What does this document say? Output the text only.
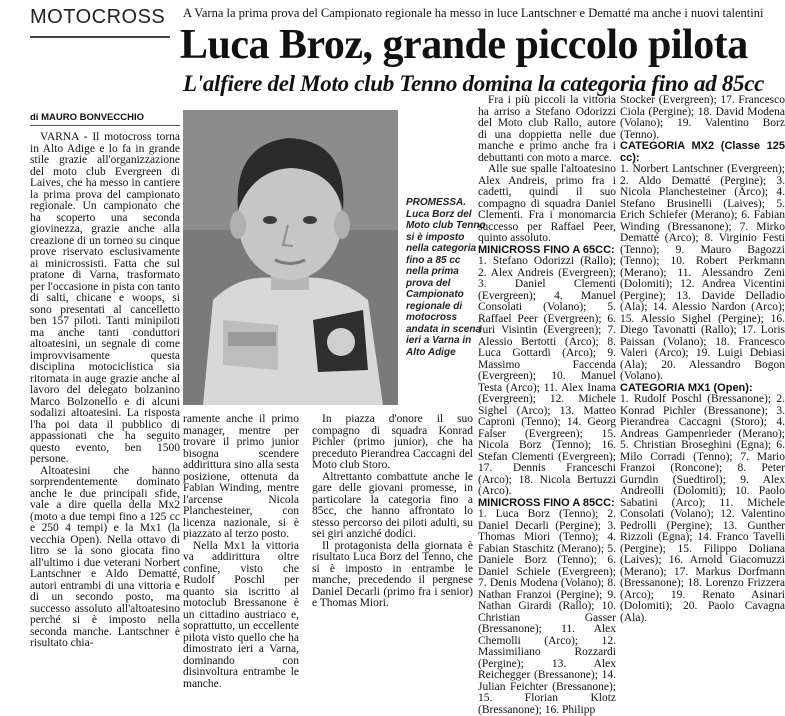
MOTOCROSS	A Varna la prima prova del Campionato regionale ha messo in luce Lantschner e Dematté ma anche i nuovi talentini
Luca Broz, grande piccolo pilota
L'alfiere del Moto club Tenno domina la categoria fino ad 85cc
di MAURO BONVECCHIO

VARNA - Il motocross torna in Alto Adige e lo fa in grande stile grazie all'organizzazione del moto club Evergreen di Laives, che ha messo in cantiere la prima prova del campionato regionale. Un campionato che ha scoperto una seconda giovinezza, grazie anche alla creazione di un torneo su cinque prove riservato esclusivamente ai minicrossisti. Fatta che sul pratone di Varna, trasformato per l'occasione in pista con tanto di salti, chicane e woops, si sono presentati al cancelletto ben 157 piloti. Tanti minipiloti ma anche tanti conduttori altoatesini, un segnale di come improvvisamente questa disciplina motociclistica sia ritornata in auge grazie anche al lavoro del delegato bolzanino Marco Bolzonello e di alcuni sodalizi altoatesini. La risposta l'ha poi data il pubblico di appassionati che ha seguito questo evento, ben 1500 persone.

Altoatesini che hanno sorprendentemente dominato anche le due principali sfide, vale a dire quella della Mx2 (moto a due tempi fino a 125 cc e 250 4 tempi) e la Mx1 (la vecchia Open). Nella ottavo di litro se la sono giocata fino all'ultimo i due veterani Norbert Lantschner e Aldo Dematté, autori entrambi di una vittoria e di un secondo posto, ma successo assoluto all'altoatesino perché si è imposto nella seconda manche. Lantschner è risultato chia-

PROMESSA. Luca Borz del Moto club Tenno si è imposto nella categoria fino a 85 cc nella prima prova del Campionato regionale di motocross andata in scena ieri a Varna in Alto Adige

ramente anche il primo manager, mentre per trovare il primo junior bisogna scendere addirittura sino alla sesta posizione, ottenuta da Fabian Winding, mentre l'arcense Nicola Planchesteiner, con licenza nazionale, si è piazzato al terzo posto.

Nella Mx1 la vittoria va addirittura oltre confine, visto che Rudolf Poschl per quanto sia iscritto al motoclub Bressanone è un cittadino austriaco e, soprattutto, un eccellente pilota visto quello che ha dimostrato ieri a Varna, dominando con disinvoltura entrambe le manche.

In piazza d'onore il suo compagno di squadra Konrad Pichler (primo junior), che ha preceduto Pierandrea Caccagni del Moto club Storo.

Altrettanto combattute anche le gare delle giovani promesse, in particolare la categoria fino a 85cc, che hanno affrontato lo stesso percorso dei piloti adulti, su sei giri anziché dodici.

Il protagonista della giornata è risultato Luca Borz del Tenno, che si è imposto in entrambe le manche, precedendo il pergnese Daniel Decarli (primo fra i senior) e Thomas Miori.

Fra i più piccoli la vittoria ha arriso a Stefano Odorizzi del Moto club Rallo, autore di una doppietta nelle due manche e primo anche fra i debuttanti con moto a marce.

Alle sue spalle l'altoatesino Alex Andreis, primo fra i cadetti, quindi il suo compagno di squadra Daniel Clementi. Fra i monomarcia successo per Raffael Peer, quinto assoluto.

MINICROSS FINO A 65CC:

1. Stefano Odorizzi (Rallo); 2. Alex Andreis (Evergreen); 3. Daniel Clementi (Evergreen); 4. Manuel Consolati (Volano); 5. Raffael Peer (Evergreen); 6. Juri Visintin (Evergreen); 7. Alessio Bertotti (Arco); 8. Luca Gottardi (Arco); 9. Massimo Faccenda (Evergreen); 10. Manuel Testa (Arco); 11. Alex Inama (Evergreen); 12. Michele Sighel (Arco); 13. Matteo Caproni (Tenno); 14. Georg Falser (Evergreen); 15. Nicola Borz (Tenno); 16. Stefan Clementi (Evergreen); 17. Dennis Franceschi (Arco); 18. Nicola Bertuzzi (Arco).

MINICROSS FINO A 85CC:

1. Luca Borz (Tenno); 2. Daniel Decarli (Pergine); 3. Thomas Miori (Tenno); 4. Fabian Staschitz (Merano); 5. Daniele Borz (Tenno); 6. Daniel Schiele (Evergreen); 7. Denis Modena (Volano); 8. Nathan Franzoi (Pergine); 9. Nathan Girardi (Rallo); 10. Christian Gasser (Bressanone); 11. Alex Chemolli (Arco); 12. Massimiliano Rozzardi (Pergine); 13. Alex Reichegger (Bressanone); 14. Julian Feichter (Bressanone); 15. Florian Klotz (Bressanone); 16. Philipp

Stocker (Evergreen); 17. Francesco Ciola (Pergine); 18. David Modena (Volano); 19. Valentino Borz (Tenno).

CATEGORIA MX2 (Classe 125 cc):

1. Norbert Lantschner (Evergreen); 2. Aldo Dematté (Pergine); 3. Nicola Planchesteiner (Arco); 4. Stefano Brusinelli (Laives); 5. Erich Schiefer (Merano); 6. Fabian Winding (Bressanone); 7. Mirko Dematté (Arco); 8. Virginio Festi (Tenno); 9. Mauro Bagozzi (Tenno); 10. Robert Perkmann (Merano); 11. Alessandro Zeni (Dolomiti); 12. Andrea Vicentini (Pergine); 13. Davide Delladio (Ala); 14. Alessio Nardon (Arco); 15. Alessio Sighel (Pergine); 16. Diego Tavonatti (Rallo); 17. Loris Paissan (Volano); 18. Francesco Valeri (Arco); 19. Luigi Debiasi (Ala); 20. Alessandro Bogon (Volano).

CATEGORIA MX1 (Open):

1. Rudolf Poschl (Bressanone); 2. Konrad Pichler (Bressanone); 3. Pierandrea Caccagni (Storo); 4. Andreas Gampenrieder (Merano); 5. Christian Broseghini (Egna); 6. Milo Corradi (Tenno); 7. Mario Franzoi (Roncone); 8. Peter Gurndin (Suedtirol); 9. Alex Andreolli (Dolomiti); 10. Paolo Sabatini (Arco); 11. Michele Consolati (Volano); 12. Valentino Pedrolli (Pergine); 13. Gunther Rizzoli (Egna); 14. Franco Tavelli (Pergine); 15. Filippo Doliana (Laives); 16. Arnold Giacomuzzi (Merano); 17. Markus Dorfmann (Bressanone); 18. Lorenzo Frizzera (Arco); 19. Renato Asinari (Dolomiti); 20. Paolo Cavagna (Ala).
